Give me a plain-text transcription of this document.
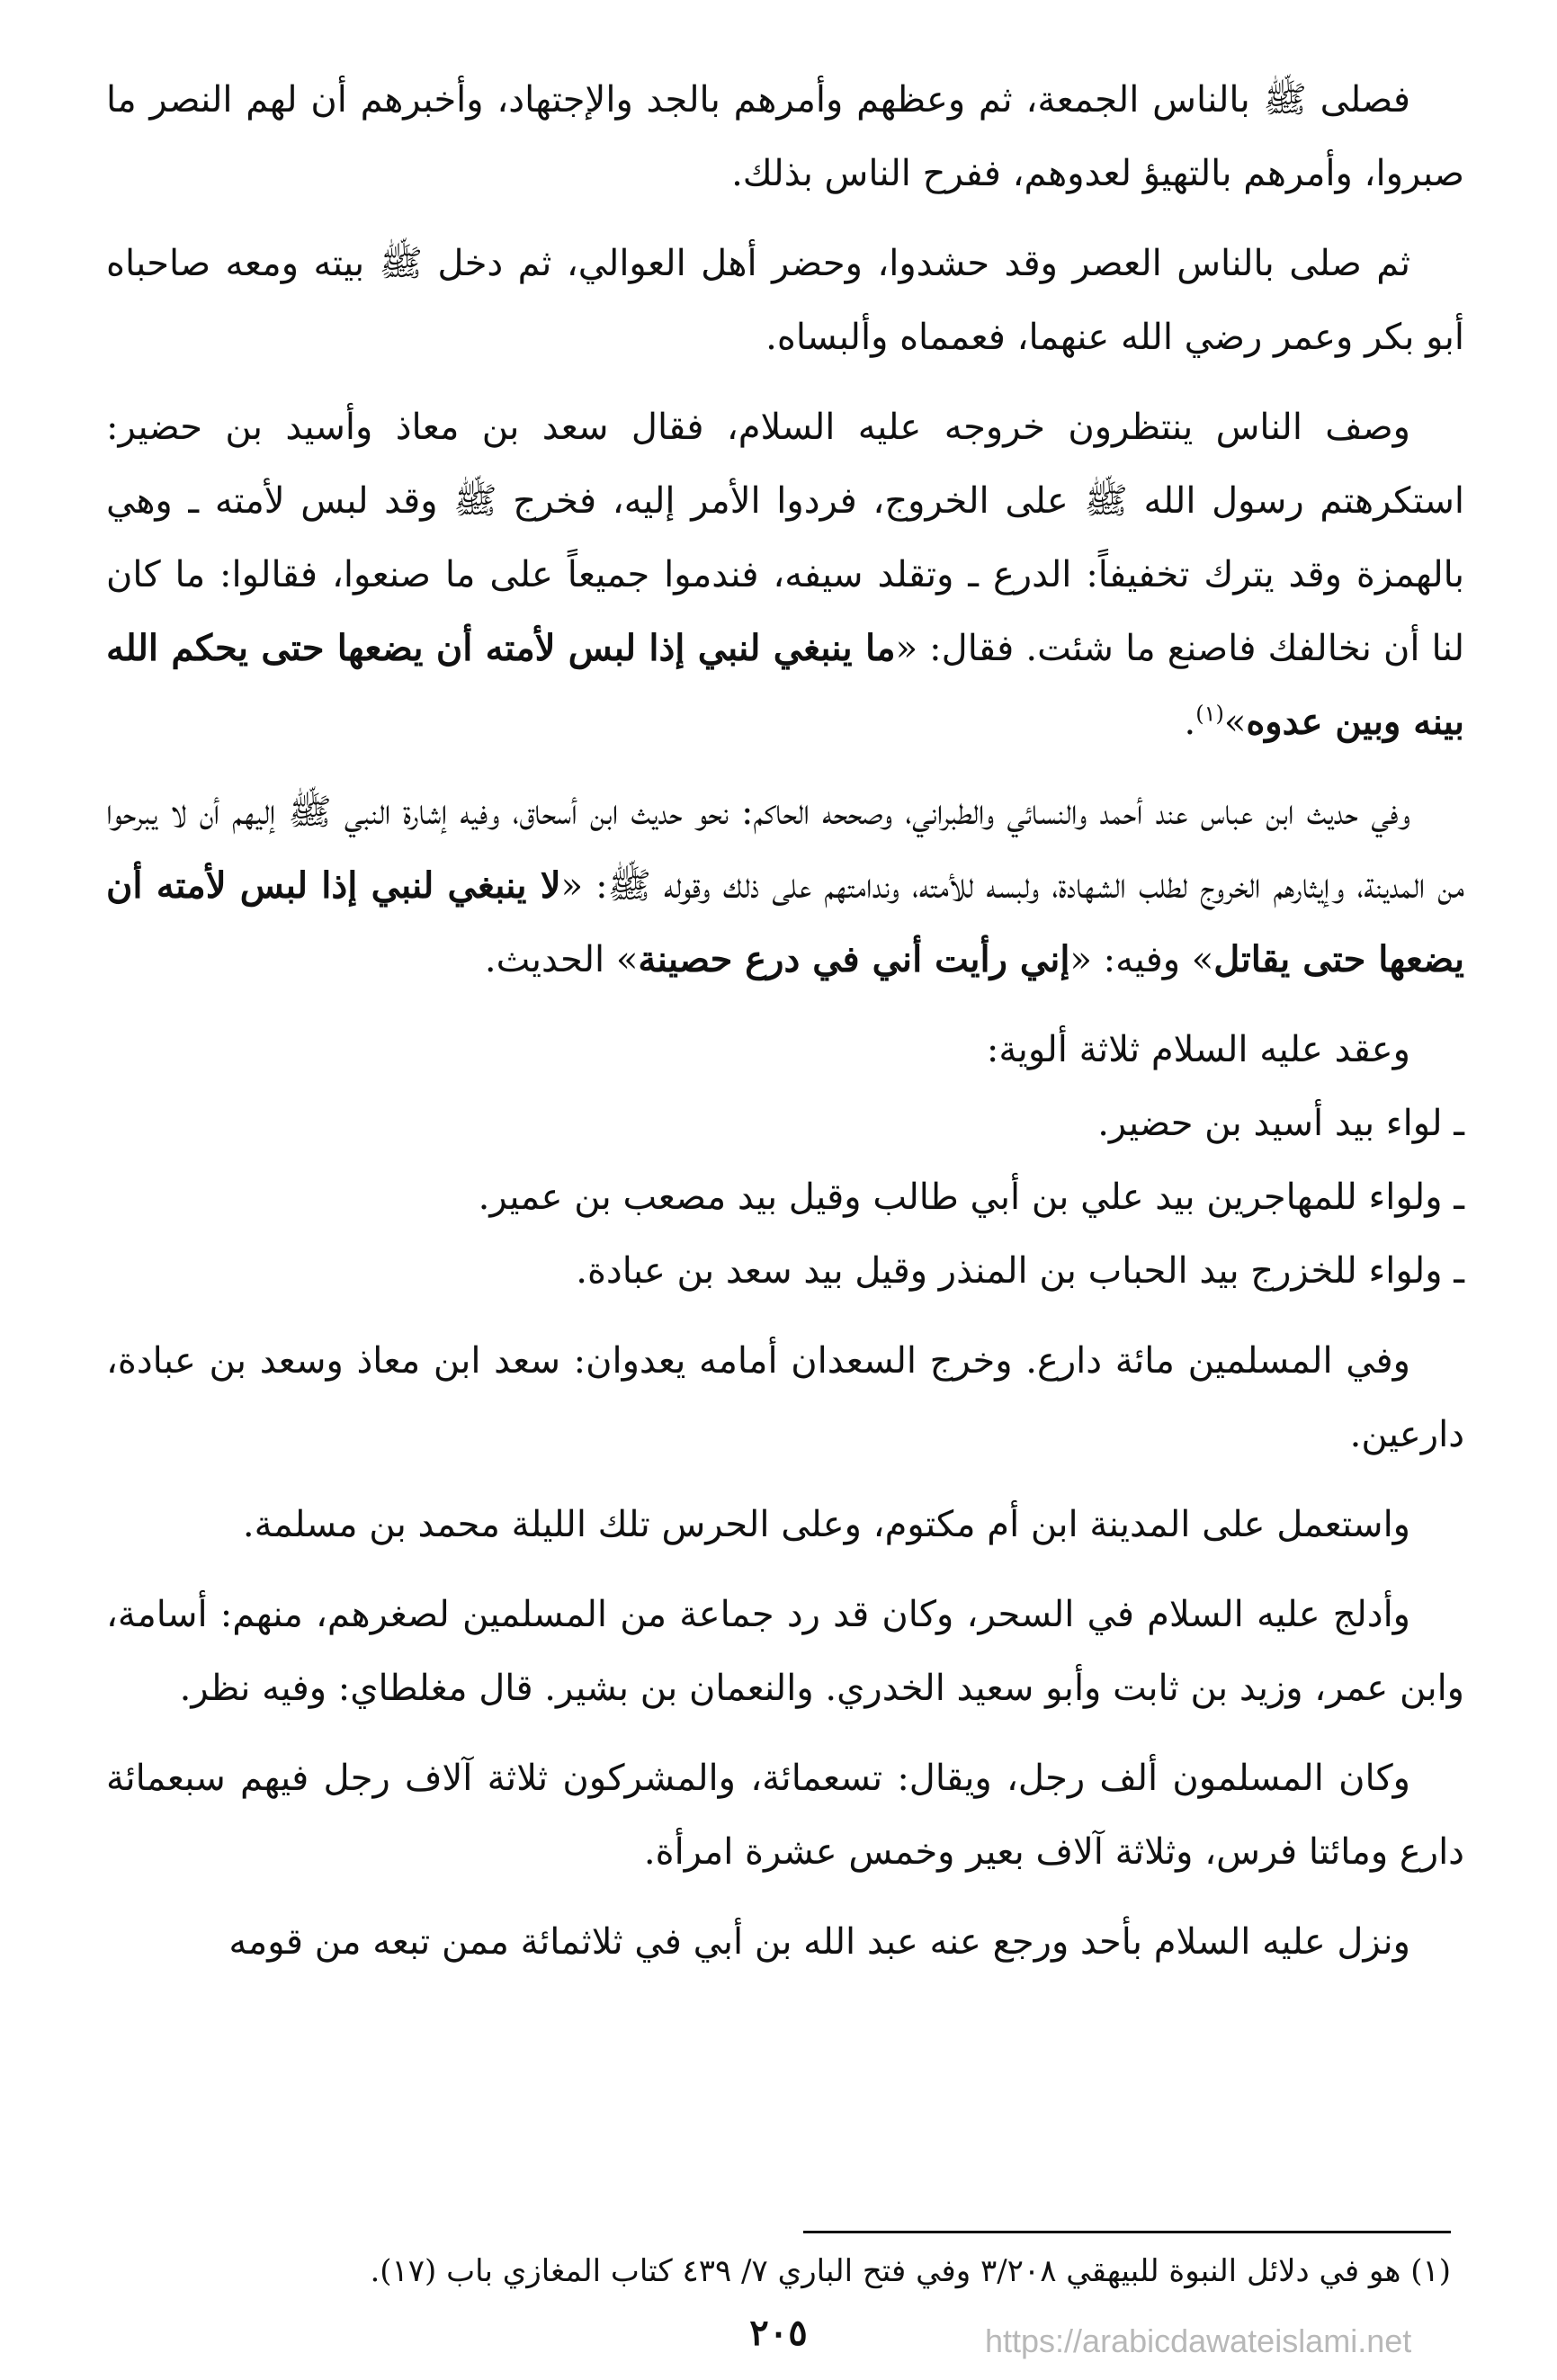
فصلى ﷺ بالناس الجمعة، ثم وعظهم وأمرهم بالجد والإجتهاد، وأخبرهم أن لهم النصر ما صبروا، وأمرهم بالتهيؤ لعدوهم، ففرح الناس بذلك.

ثم صلى بالناس العصر وقد حشدوا، وحضر أهل العوالي، ثم دخل ﷺ بيته ومعه صاحباه أبو بكر وعمر رضي الله عنهما، فعمماه وألبساه.

وصف الناس ينتظرون خروجه عليه السلام، فقال سعد بن معاذ وأسيد بن حضير: استكرهتم رسول الله ﷺ على الخروج، فردوا الأمر إليه، فخرج ﷺ وقد لبس لأمته ـ وهي بالهمزة وقد يترك تخفيفاً: الدرع ـ وتقلد سيفه، فندموا جميعاً على ما صنعوا، فقالوا: ما كان لنا أن نخالفك فاصنع ما شئت. فقال: «ما ينبغي لنبي إذا لبس لأمته أن يضعها حتى يحكم الله بينه وبين عدوه»$^{(١)}$.

وفي حديث ابن عباس عند أحمد والنسائي والطبراني، وصححه الحاكم: نحو حديث ابن أسحاق، وفيه إشارة النبي ﷺ إليهم أن لا يبرحوا من المدينة، وإيثارهم الخروج لطلب الشهادة، ولبسه للأمته، وندامتهم على ذلك وقوله ﷺ: «لا ينبغي لنبي إذا لبس لأمته أن يضعها حتى يقاتل» وفيه: «إني رأيت أني في درع حصينة» الحديث.

وعقد عليه السلام ثلاثة ألوية:

ـ لواء بيد أسيد بن حضير.

ـ ولواء للمهاجرين بيد علي بن أبي طالب وقيل بيد مصعب بن عمير.

ـ ولواء للخزرج بيد الحباب بن المنذر وقيل بيد سعد بن عبادة.

وفي المسلمين مائة دارع. وخرج السعدان أمامه يعدوان: سعد ابن معاذ وسعد بن عبادة، دارعين.

واستعمل على المدينة ابن أم مكتوم، وعلى الحرس تلك الليلة محمد بن مسلمة.

وأدلج عليه السلام في السحر، وكان قد رد جماعة من المسلمين لصغرهم، منهم: أسامة، وابن عمر، وزيد بن ثابت وأبو سعيد الخدري. والنعمان بن بشير. قال مغلطاي: وفيه نظر.

وكان المسلمون ألف رجل، ويقال: تسعمائة، والمشركون ثلاثة آلاف رجل فيهم سبعمائة دارع ومائتا فرس، وثلاثة آلاف بعير وخمس عشرة امرأة.

ونزل عليه السلام بأحد ورجع عنه عبد الله بن أبي في ثلاثمائة ممن تبعه من قومه

(١) هو في دلائل النبوة للبيهقي ٣/٢٠٨ وفي فتح الباري ٧/ ٤٣٩ كتاب المغازي باب (١٧).
٢٠٥	https://arabicdawateislami.net
